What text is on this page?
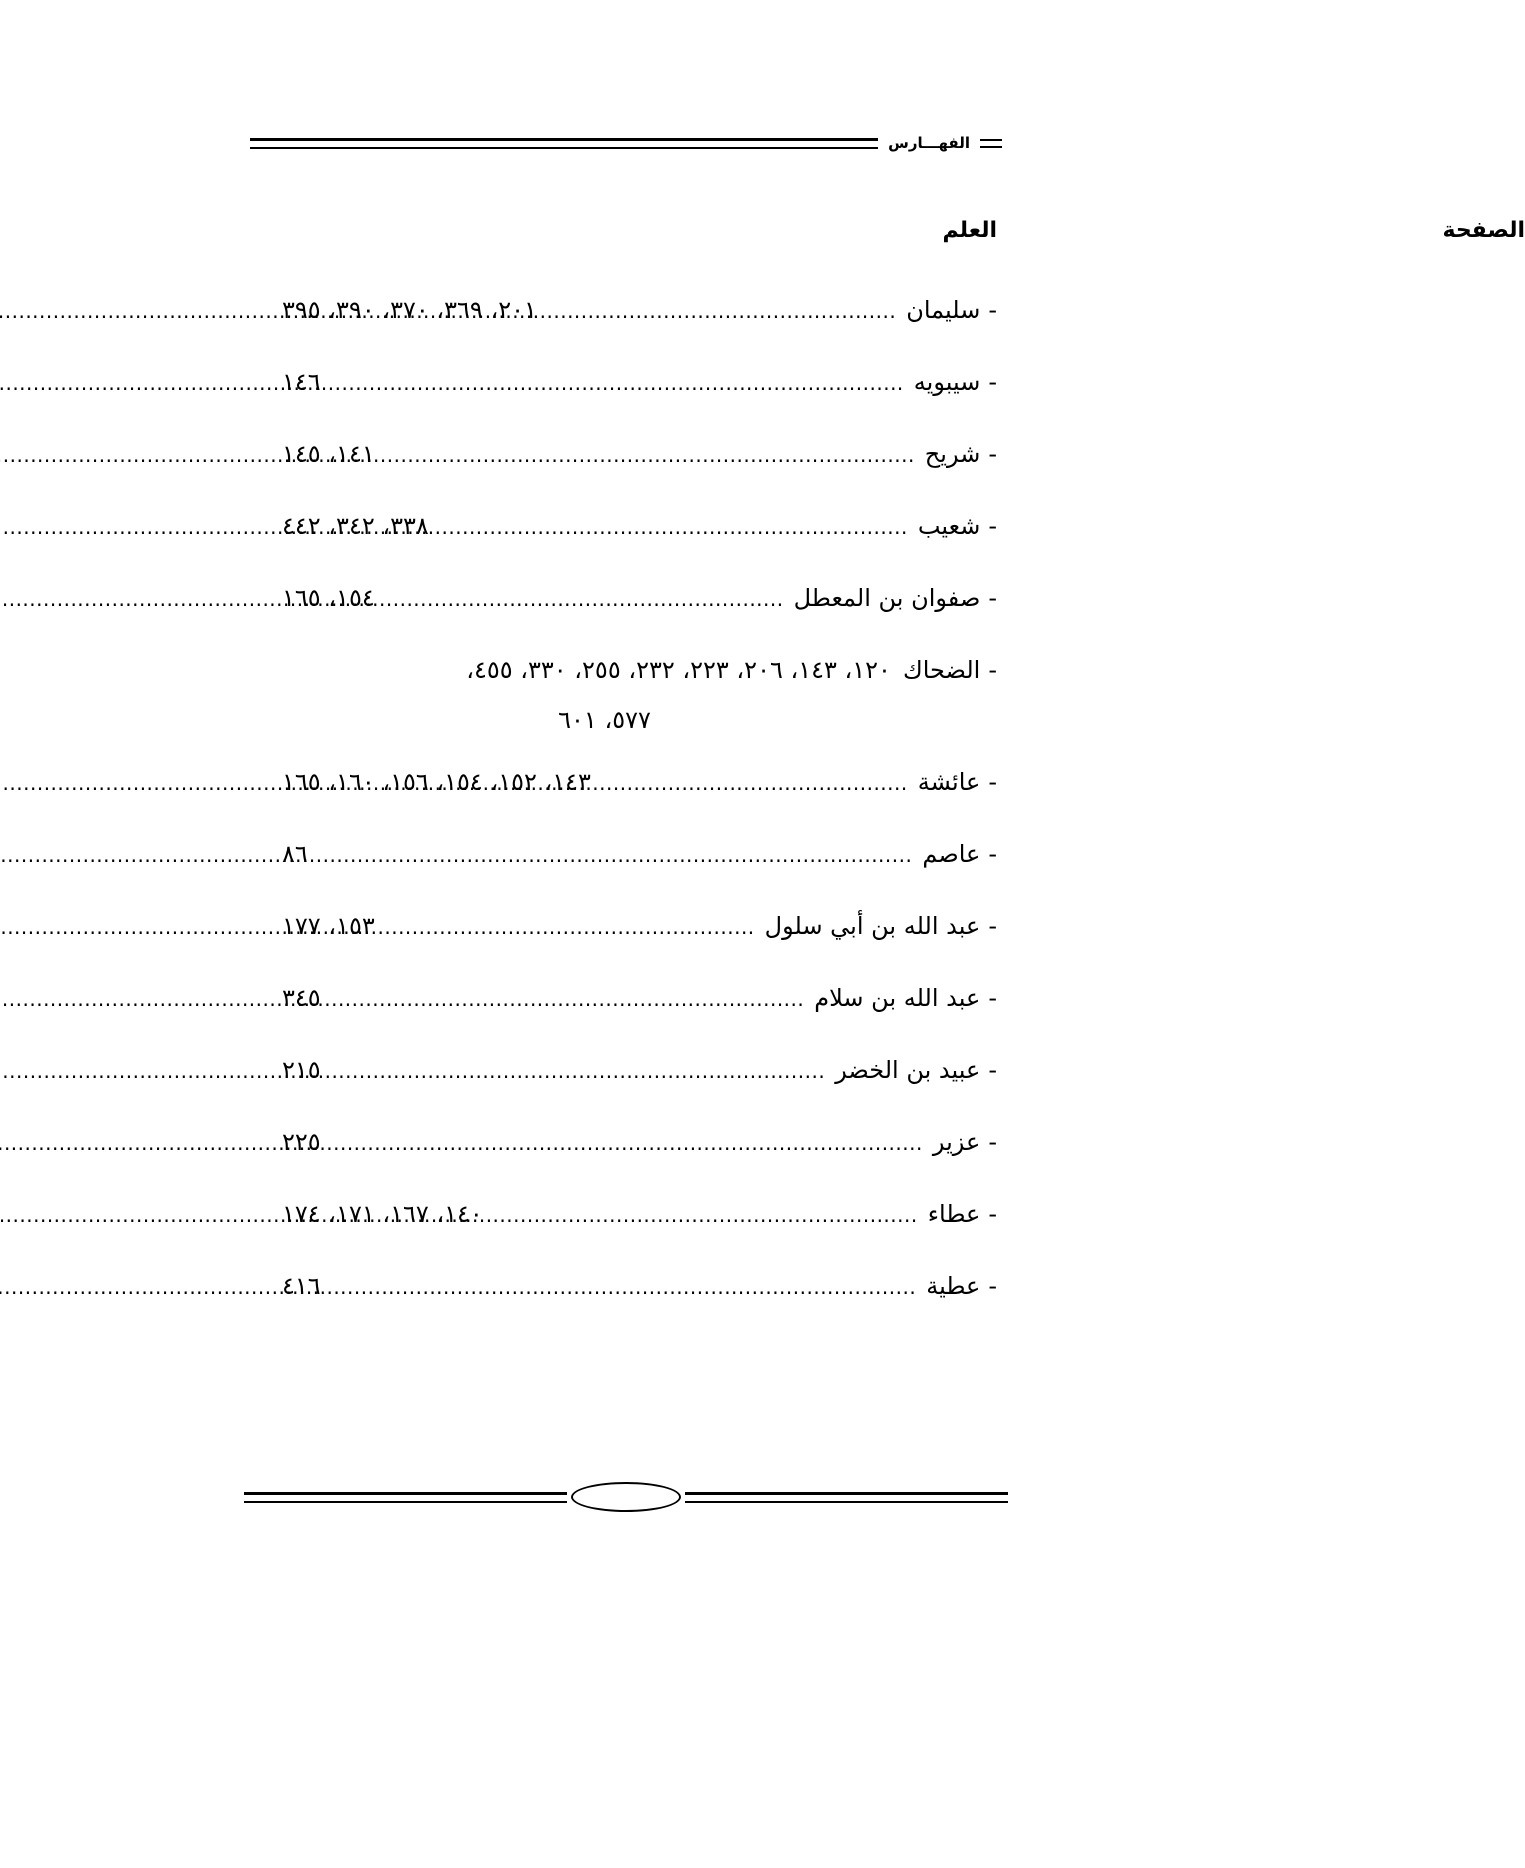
الفهـــارس
العلم	الصفحة
-
سليمان
.....
٢٠١، ٣٦٩، ٣٧٠، ٣٩٠، ٣٩٥
-
سيبويه
.....
١٤٦
-
شريح
.....
١٤١، ١٤٥
-
شعيب
.....
٣٣٨، ٣٤٢، ٤٤٢
-
صفوان بن المعطل
.....
١٥٤، ١٦٥
-
الضحاك
١٢٠، ١٤٣، ٢٠٦، ٢٢٣، ٢٣٢، ٢٥٥، ٣٣٠، ٤٥٥،
٥٧٧، ٦٠١
-
عائشة
.....
١٤٣، ١٥٢، ١٥٤، ١٥٦، ١٦٠، ١٦٥
-
عاصم
.....
٨٦
-
عبد الله بن أبي سلول
.....
١٥٣، ١٧٧
-
عبد الله بن سلام
.....
٣٤٥
-
عبيد بن الخضر
.....
٢١٥
-
عزير
.....
٢٢٥
-
عطاء
.....
١٤٠، ١٦٧، ١٧١، ١٧٤
-
عطية
.....
٤١٦
